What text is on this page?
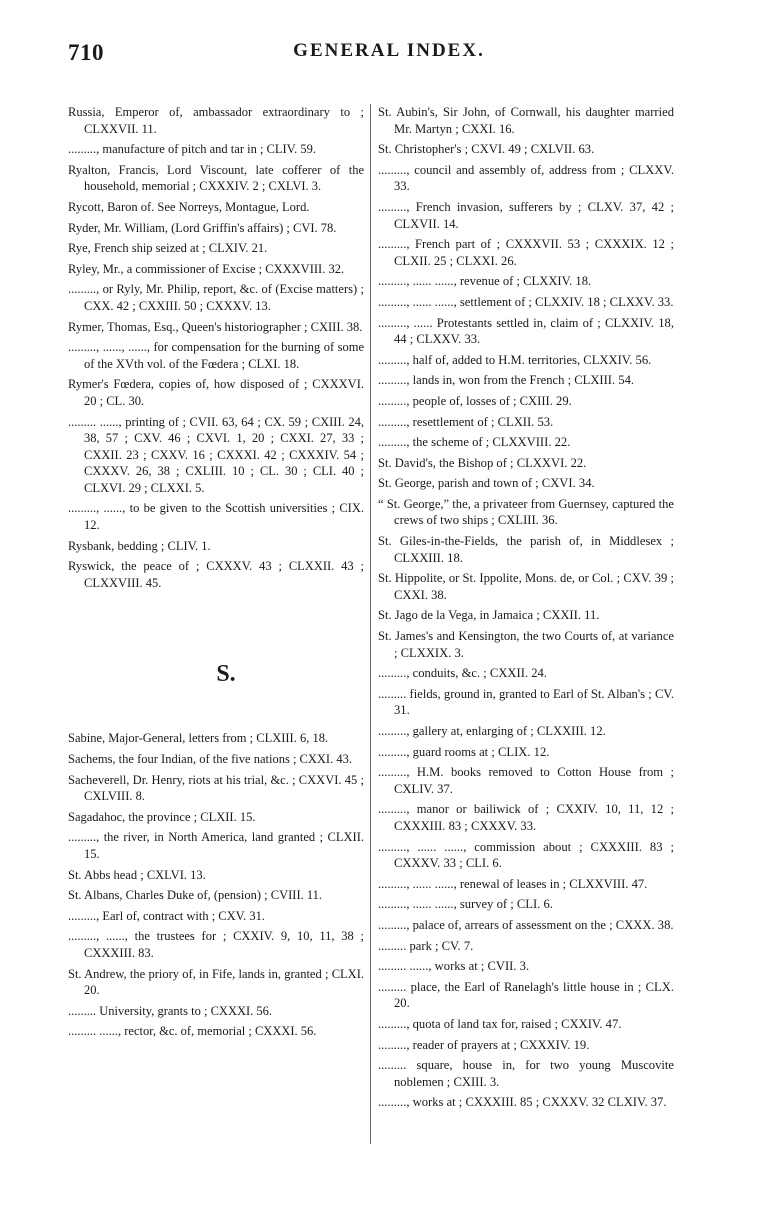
710	GENERAL INDEX.
Russia, Emperor of, ambassador extraordinary to ; CLXXVII. 11.
........., manufacture of pitch and tar in ; CLIV. 59.
Ryalton, Francis, Lord Viscount, late cofferer of the household, memorial ; CXXXIV. 2 ; CXLVI. 3.
Rycott, Baron of. See Norreys, Montague, Lord.
Ryder, Mr. William, (Lord Griffin's affairs) ; CVI. 78.
Rye, French ship seized at ; CLXIV. 21.
Ryley, Mr., a commissioner of Excise ; CXXXVIII. 32.
........., or Ryly, Mr. Philip, report, &c. of (Excise matters) ; CXX. 42 ; CXXIII. 50 ; CXXXV. 13.
Rymer, Thomas, Esq., Queen's historiographer ; CXIII. 38.
........., ......, ......, for compensation for the burning of some of the XVth vol. of the Fœdera ; CLXI. 18.
Rymer's Fœdera, copies of, how disposed of ; CXXXVI. 20 ; CL. 30.
......... ......, printing of ; CVII. 63, 64 ; CX. 59 ; CXIII. 24, 38, 57 ; CXV. 46 ; CXVI. 1, 20 ; CXXI. 27, 33 ; CXXII. 23 ; CXXV. 16 ; CXXXI. 42 ; CXXXIV. 54 ; CXXXV. 26, 38 ; CXLIII. 10 ; CL. 30 ; CLI. 40 ; CLXVI. 29 ; CLXXI. 5.
........., ......, to be given to the Scottish universities ; CIX. 12.
Rysbank, bedding ; CLIV. 1.
Ryswick, the peace of ; CXXXV. 43 ; CLXXII. 43 ; CLXXVIII. 45.
S.
Sabine, Major-General, letters from ; CLXIII. 6, 18.
Sachems, the four Indian, of the five nations ; CXXI. 43.
Sacheverell, Dr. Henry, riots at his trial, &c. ; CXXVI. 45 ; CXLVIII. 8.
Sagadahoc, the province ; CLXII. 15.
........., the river, in North America, land granted ; CLXII. 15.
St. Abbs head ; CXLVI. 13.
St. Albans, Charles Duke of, (pension) ; CVIII. 11.
........., Earl of, contract with ; CXV. 31.
........., ......, the trustees for ; CXXIV. 9, 10, 11, 38 ; CXXXIII. 83.
St. Andrew, the priory of, in Fife, lands in, granted ; CLXI. 20.
......... University, grants to ; CXXXI. 56.
......... ......, rector, &c. of, memorial ; CXXXI. 56.
St. Aubin's, Sir John, of Cornwall, his daughter married Mr. Martyn ; CXXI. 16.
St. Christopher's ; CXVI. 49 ; CXLVII. 63.
........., council and assembly of, address from ; CLXXV. 33.
........., French invasion, sufferers by ; CLXV. 37, 42 ; CLXVII. 14.
........., French part of ; CXXXVII. 53 ; CXXXIX. 12 ; CLXII. 25 ; CLXXI. 26.
........., ...... ......, revenue of ; CLXXIV. 18.
........., ...... ......, settlement of ; CLXXIV. 18 ; CLXXV. 33.
........., ...... Protestants settled in, claim of ; CLXXIV. 18, 44 ; CLXXV. 33.
........., half of, added to H.M. territories, CLXXIV. 56.
........., lands in, won from the French ; CLXIII. 54.
........., people of, losses of ; CXIII. 29.
........., resettlement of ; CLXII. 53.
........., the scheme of ; CLXXVIII. 22.
St. David's, the Bishop of ; CLXXVI. 22.
St. George, parish and town of ; CXVI. 34.
“ St. George,” the, a privateer from Guernsey, captured the crews of two ships ; CXLIII. 36.
St. Giles-in-the-Fields, the parish of, in Middlesex ; CLXXIII. 18.
St. Hippolite, or St. Ippolite, Mons. de, or Col. ; CXV. 39 ; CXXI. 38.
St. Jago de la Vega, in Jamaica ; CXXII. 11.
St. James's and Kensington, the two Courts of, at variance ; CLXXIX. 3.
........., conduits, &c. ; CXXII. 24.
......... fields, ground in, granted to Earl of St. Alban's ; CV. 31.
........., gallery at, enlarging of ; CLXXIII. 12.
........., guard rooms at ; CLIX. 12.
........., H.M. books removed to Cotton House from ; CXLIV. 37.
........., manor or bailiwick of ; CXXIV. 10, 11, 12 ; CXXXIII. 83 ; CXXXV. 33.
........., ...... ......, commission about ; CXXXIII. 83 ; CXXXV. 33 ; CLI. 6.
........., ...... ......, renewal of leases in ; CLXXVIII. 47.
........., ...... ......, survey of ; CLI. 6.
........., palace of, arrears of assessment on the ; CXXX. 38.
......... park ; CV. 7.
......... ......, works at ; CVII. 3.
......... place, the Earl of Ranelagh's little house in ; CLX. 20.
........., quota of land tax for, raised ; CXXIV. 47.
........., reader of prayers at ; CXXXIV. 19.
......... square, house in, for two young Muscovite noblemen ; CXIII. 3.
........., works at ; CXXXIII. 85 ; CXXXV. 32 CLXIV. 37.
